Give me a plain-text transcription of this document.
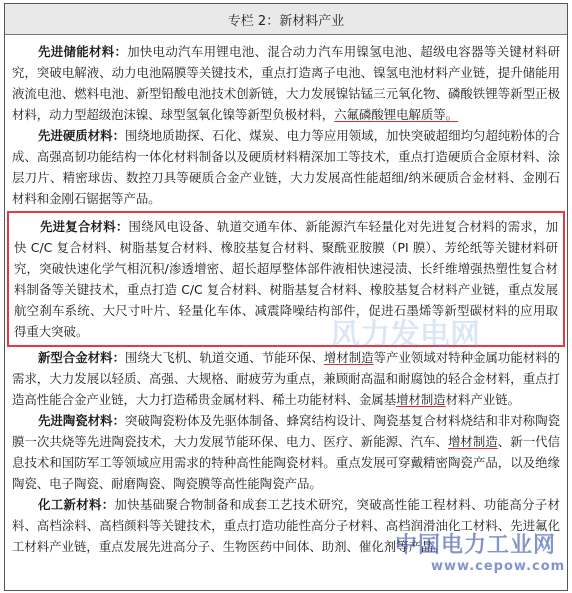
专栏 2：新材料产业

先进储能材料：加快电动汽车用锂电池、混合动力汽车用镍氢电池、超级电容器等关键材料研究，突破电解液、动力电池隔膜等关键技术，重点打造离子电池、镍氢电池材料产业链，提升储能用液流电池、燃料电池、新型铅酸电池技术创新链，大力发展镍钴锰三元氧化物、磷酸铁锂等新型正极材料，动力型超级泡沫镍、球型氢氧化镍等新型负极材料，六氟磷酸锂电解质等。

先进硬质材料：围绕地质勘探、石化、煤炭、电力等应用领域，加快突破超细均匀超纯粉体的合成、高强高韧功能结构一体化材料制备以及硬质材料精深加工等技术，重点打造硬质合金原材料、涂层刀片、精密球齿、数控刀具等硬质合金产业链，大力发展高性能超细/纳米硬质合金材料、金刚石材料和金刚石锯据等产品。

先进复合材料：围绕风电设备、轨道交通车体、新能源汽车轻量化对先进复合材料的需求，加快 C/C 复合材料、树脂基复合材料、橡胶基复合材料、聚酰亚胺膜（PI 膜）、芳纶纸等关键材料研究，突破快速化学气相沉积/渗透增密、超长超厚整体部件液相快速浸渍、长纤维增强热塑性复合材料制备等关键技术，重点打造 C/C 复合材料、树脂基复合材料、橡胶基复合材料产业链，重点发展航空刹车系统、大尺寸叶片、轻量化车体、减震降噪结构部件，促进石墨烯等新型碳材料的应用取得重大突破。

新型合金材料：围绕大飞机、轨道交通、节能环保、增材制造等产业领域对特种金属功能材料的需求，大力发展以轻质、高强、大规格、耐疲劳为重点，兼顾耐高温和耐腐蚀的轻合金材料，重点打造高性能合金产业链，大力打造稀贵金属材料、稀土功能材料、金属基增材制造材料产业链。

先进陶瓷材料：突破陶瓷粉体及先驱体制备、蜂窝结构设计、陶瓷基复合材料烧结和非对称陶瓷膜一次共烧等先进陶瓷技术，大力发展节能环保、电力、医疗、新能源、汽车、增材制造、新一代信息技术和国防军工等领域应用需求的特种高性能陶瓷材料。重点发展可穿戴精密陶瓷产品，以及绝缘陶瓷、电子陶瓷、耐磨陶瓷、陶瓷膜等高性能陶瓷产品。

化工新材料：加快基础聚合物制备和成套工艺技术研究，突破高性能工程材料、功能高分子材料、高档涂料、高档颜料等关键技术，重点打造功能性高分子材料、高档润滑油化工材料、先进氟化工材料产业链，重点发展先进高分子、生物医药中间体、助剂、催化剂等产品。

风力发电网
中国电力工业网
www.cepow.com
